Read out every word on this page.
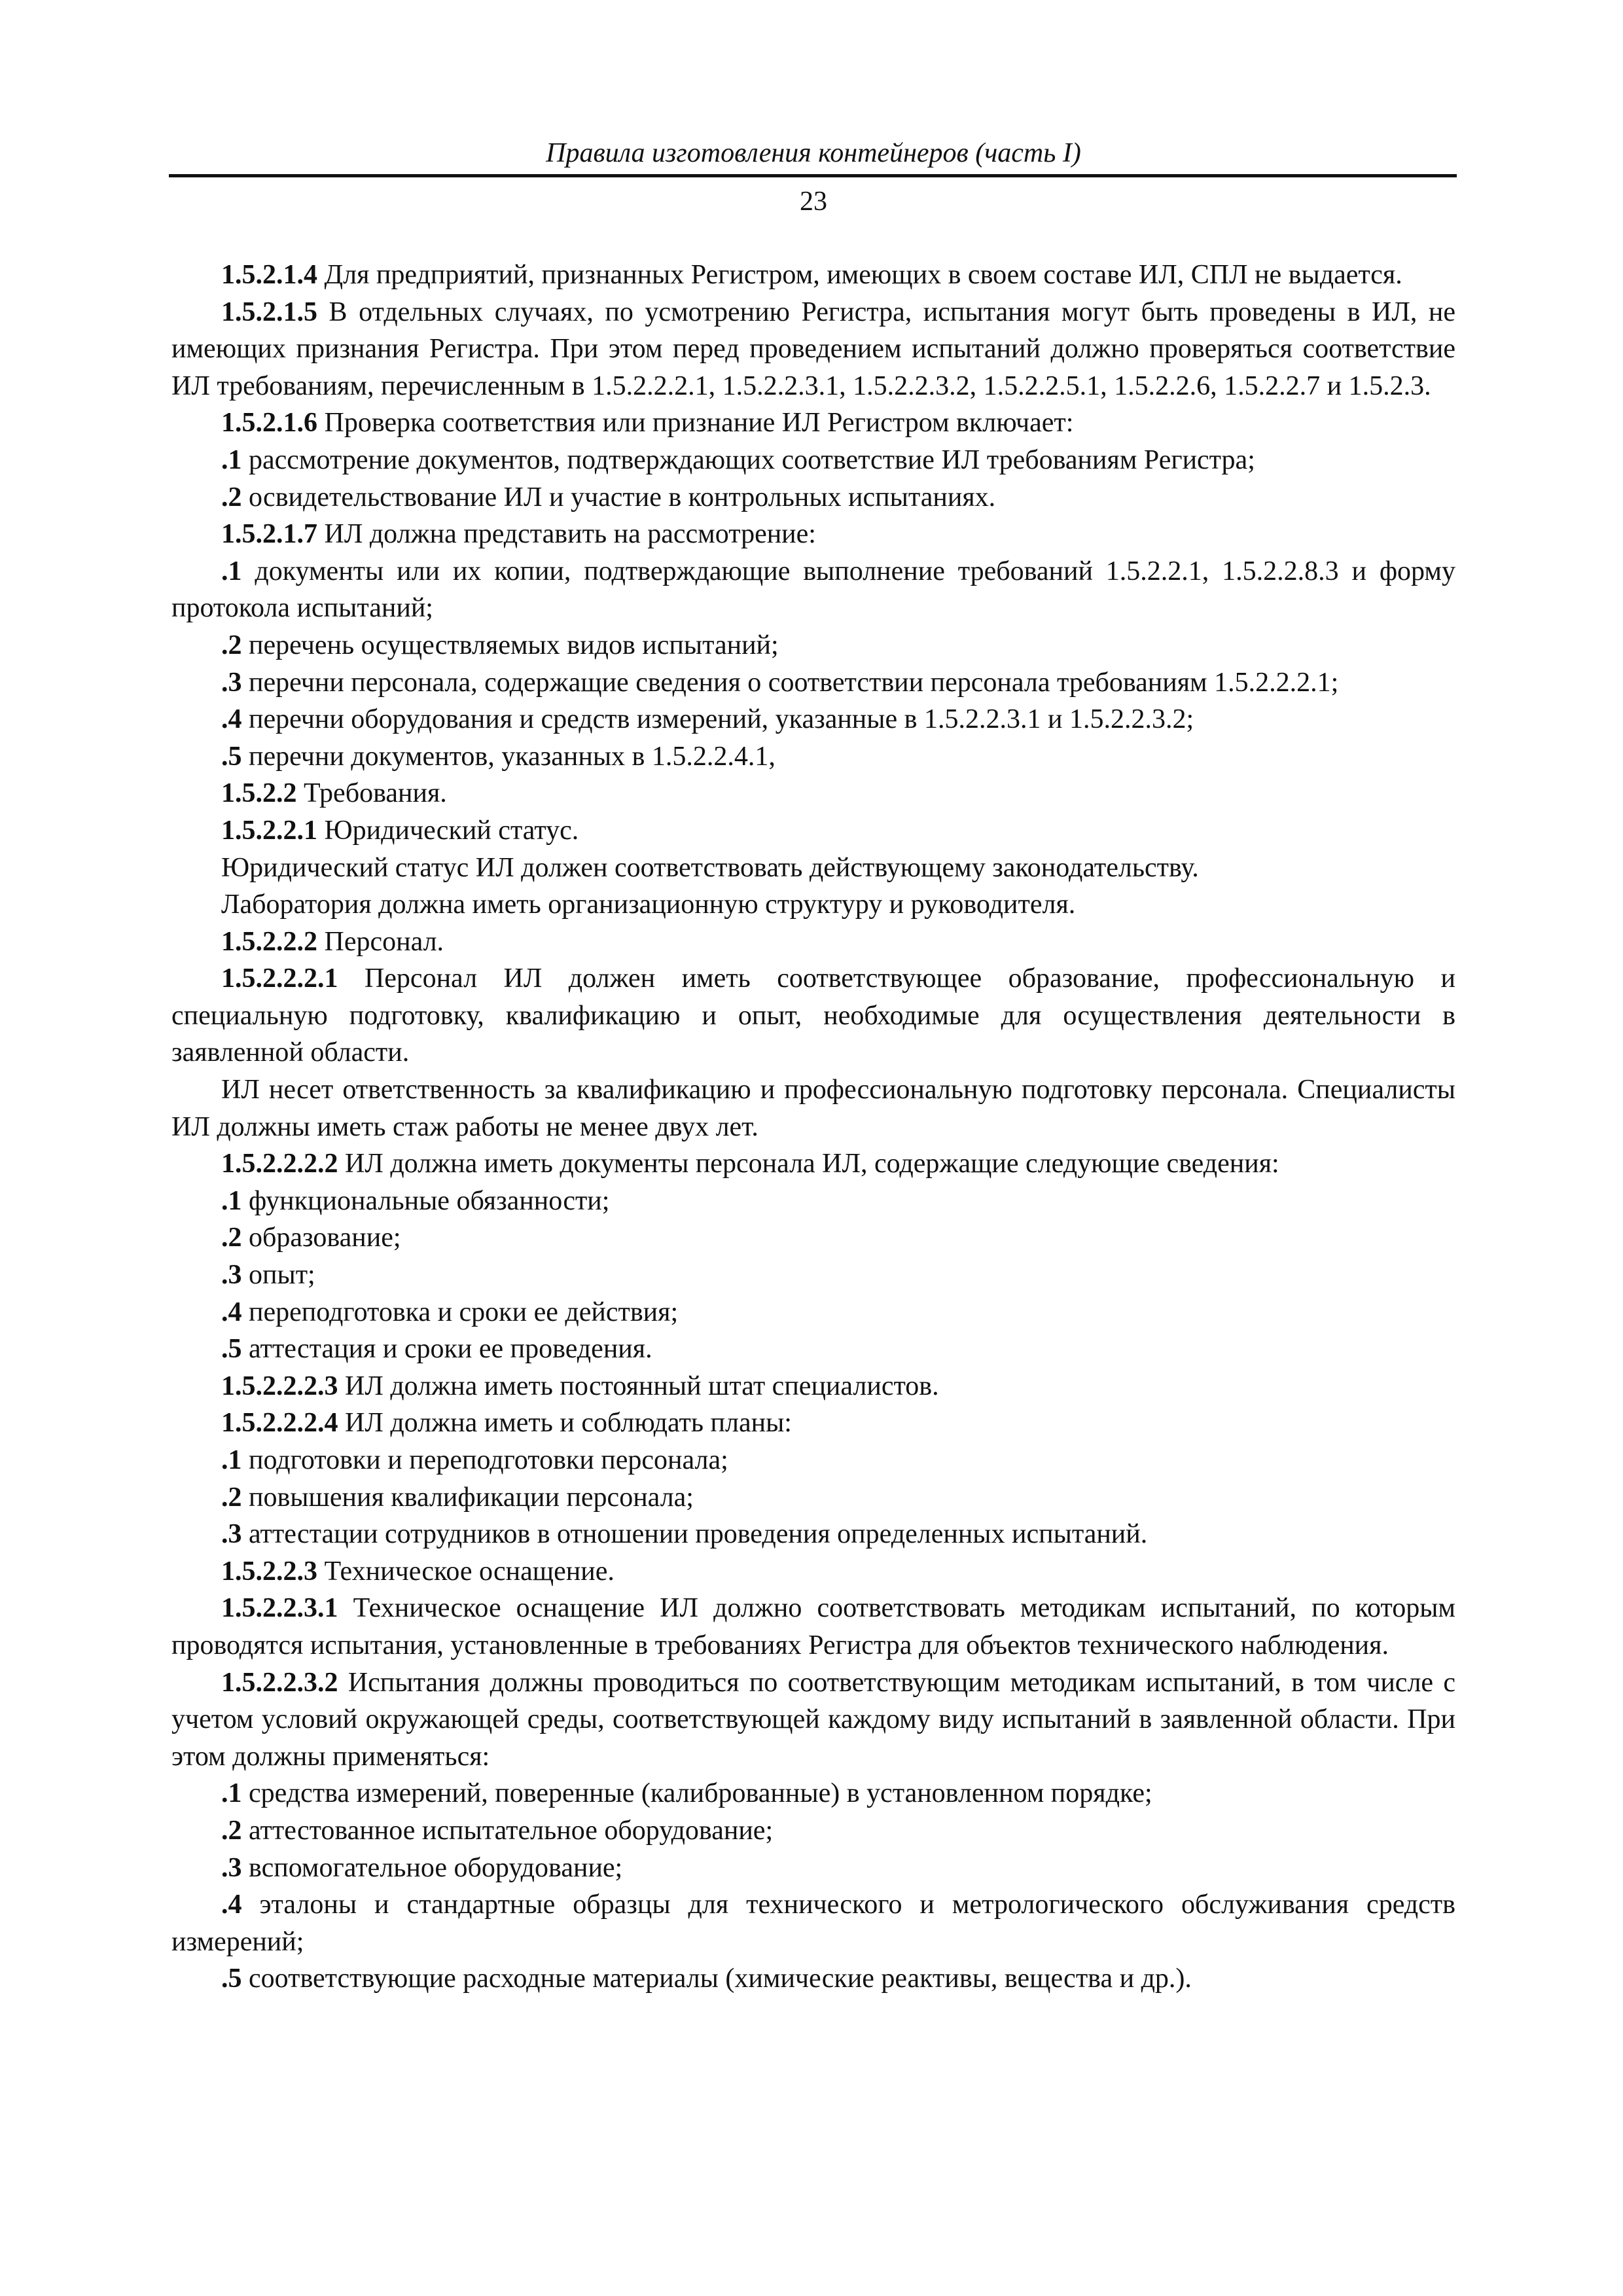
Правила изготовления контейнеров (часть I)
23

1.5.2.1.4 Для предприятий, признанных Регистром, имеющих в своем составе ИЛ, СПЛ не выдается.

1.5.2.1.5 В отдельных случаях, по усмотрению Регистра, испытания могут быть проведены в ИЛ, не имеющих признания Регистра. При этом перед проведением испытаний должно проверяться соответствие ИЛ требованиям, перечисленным в 1.5.2.2.2.1, 1.5.2.2.3.1, 1.5.2.2.3.2, 1.5.2.2.5.1, 1.5.2.2.6, 1.5.2.2.7 и 1.5.2.3.

1.5.2.1.6 Проверка соответствия или признание ИЛ Регистром включает:

.1 рассмотрение документов, подтверждающих соответствие ИЛ требованиям Регистра;

.2 освидетельствование ИЛ и участие в контрольных испытаниях.

1.5.2.1.7 ИЛ должна представить на рассмотрение:

.1 документы или их копии, подтверждающие выполнение требований 1.5.2.2.1, 1.5.2.2.8.3 и форму протокола испытаний;

.2 перечень осуществляемых видов испытаний;

.3 перечни персонала, содержащие сведения о соответствии персонала требованиям 1.5.2.2.2.1;

.4 перечни оборудования и средств измерений, указанные в 1.5.2.2.3.1 и 1.5.2.2.3.2;

.5 перечни документов, указанных в 1.5.2.2.4.1,

1.5.2.2 Требования.

1.5.2.2.1 Юридический статус.

Юридический статус ИЛ должен соответствовать действующему законодательству.

Лаборатория должна иметь организационную структуру и руководителя.

1.5.2.2.2 Персонал.

1.5.2.2.2.1 Персонал ИЛ должен иметь соответствующее образование, профессиональную и специальную подготовку, квалификацию и опыт, необходимые для осуществления деятельности в заявленной области.

ИЛ несет ответственность за квалификацию и профессиональную подготовку персонала. Специалисты ИЛ должны иметь стаж работы не менее двух лет.

1.5.2.2.2.2 ИЛ должна иметь документы персонала ИЛ, содержащие следующие сведения:

.1 функциональные обязанности;

.2 образование;

.3 опыт;

.4 переподготовка и сроки ее действия;

.5 аттестация и сроки ее проведения.

1.5.2.2.2.3 ИЛ должна иметь постоянный штат специалистов.

1.5.2.2.2.4 ИЛ должна иметь и соблюдать планы:

.1 подготовки и переподготовки персонала;

.2 повышения квалификации персонала;

.3 аттестации сотрудников в отношении проведения определенных испытаний.

1.5.2.2.3 Техническое оснащение.

1.5.2.2.3.1 Техническое оснащение ИЛ должно соответствовать методикам испытаний, по которым проводятся испытания, установленные в требованиях Регистра для объектов технического наблюдения.

1.5.2.2.3.2 Испытания должны проводиться по соответствующим методикам испытаний, в том числе с учетом условий окружающей среды, соответствующей каждому виду испытаний в заявленной области. При этом должны применяться:

.1 средства измерений, поверенные (калиброванные) в установленном порядке;

.2 аттестованное испытательное оборудование;

.3 вспомогательное оборудование;

.4 эталоны и стандартные образцы для технического и метрологического обслуживания средств измерений;

.5 соответствующие расходные материалы (химические реактивы, вещества и др.).
